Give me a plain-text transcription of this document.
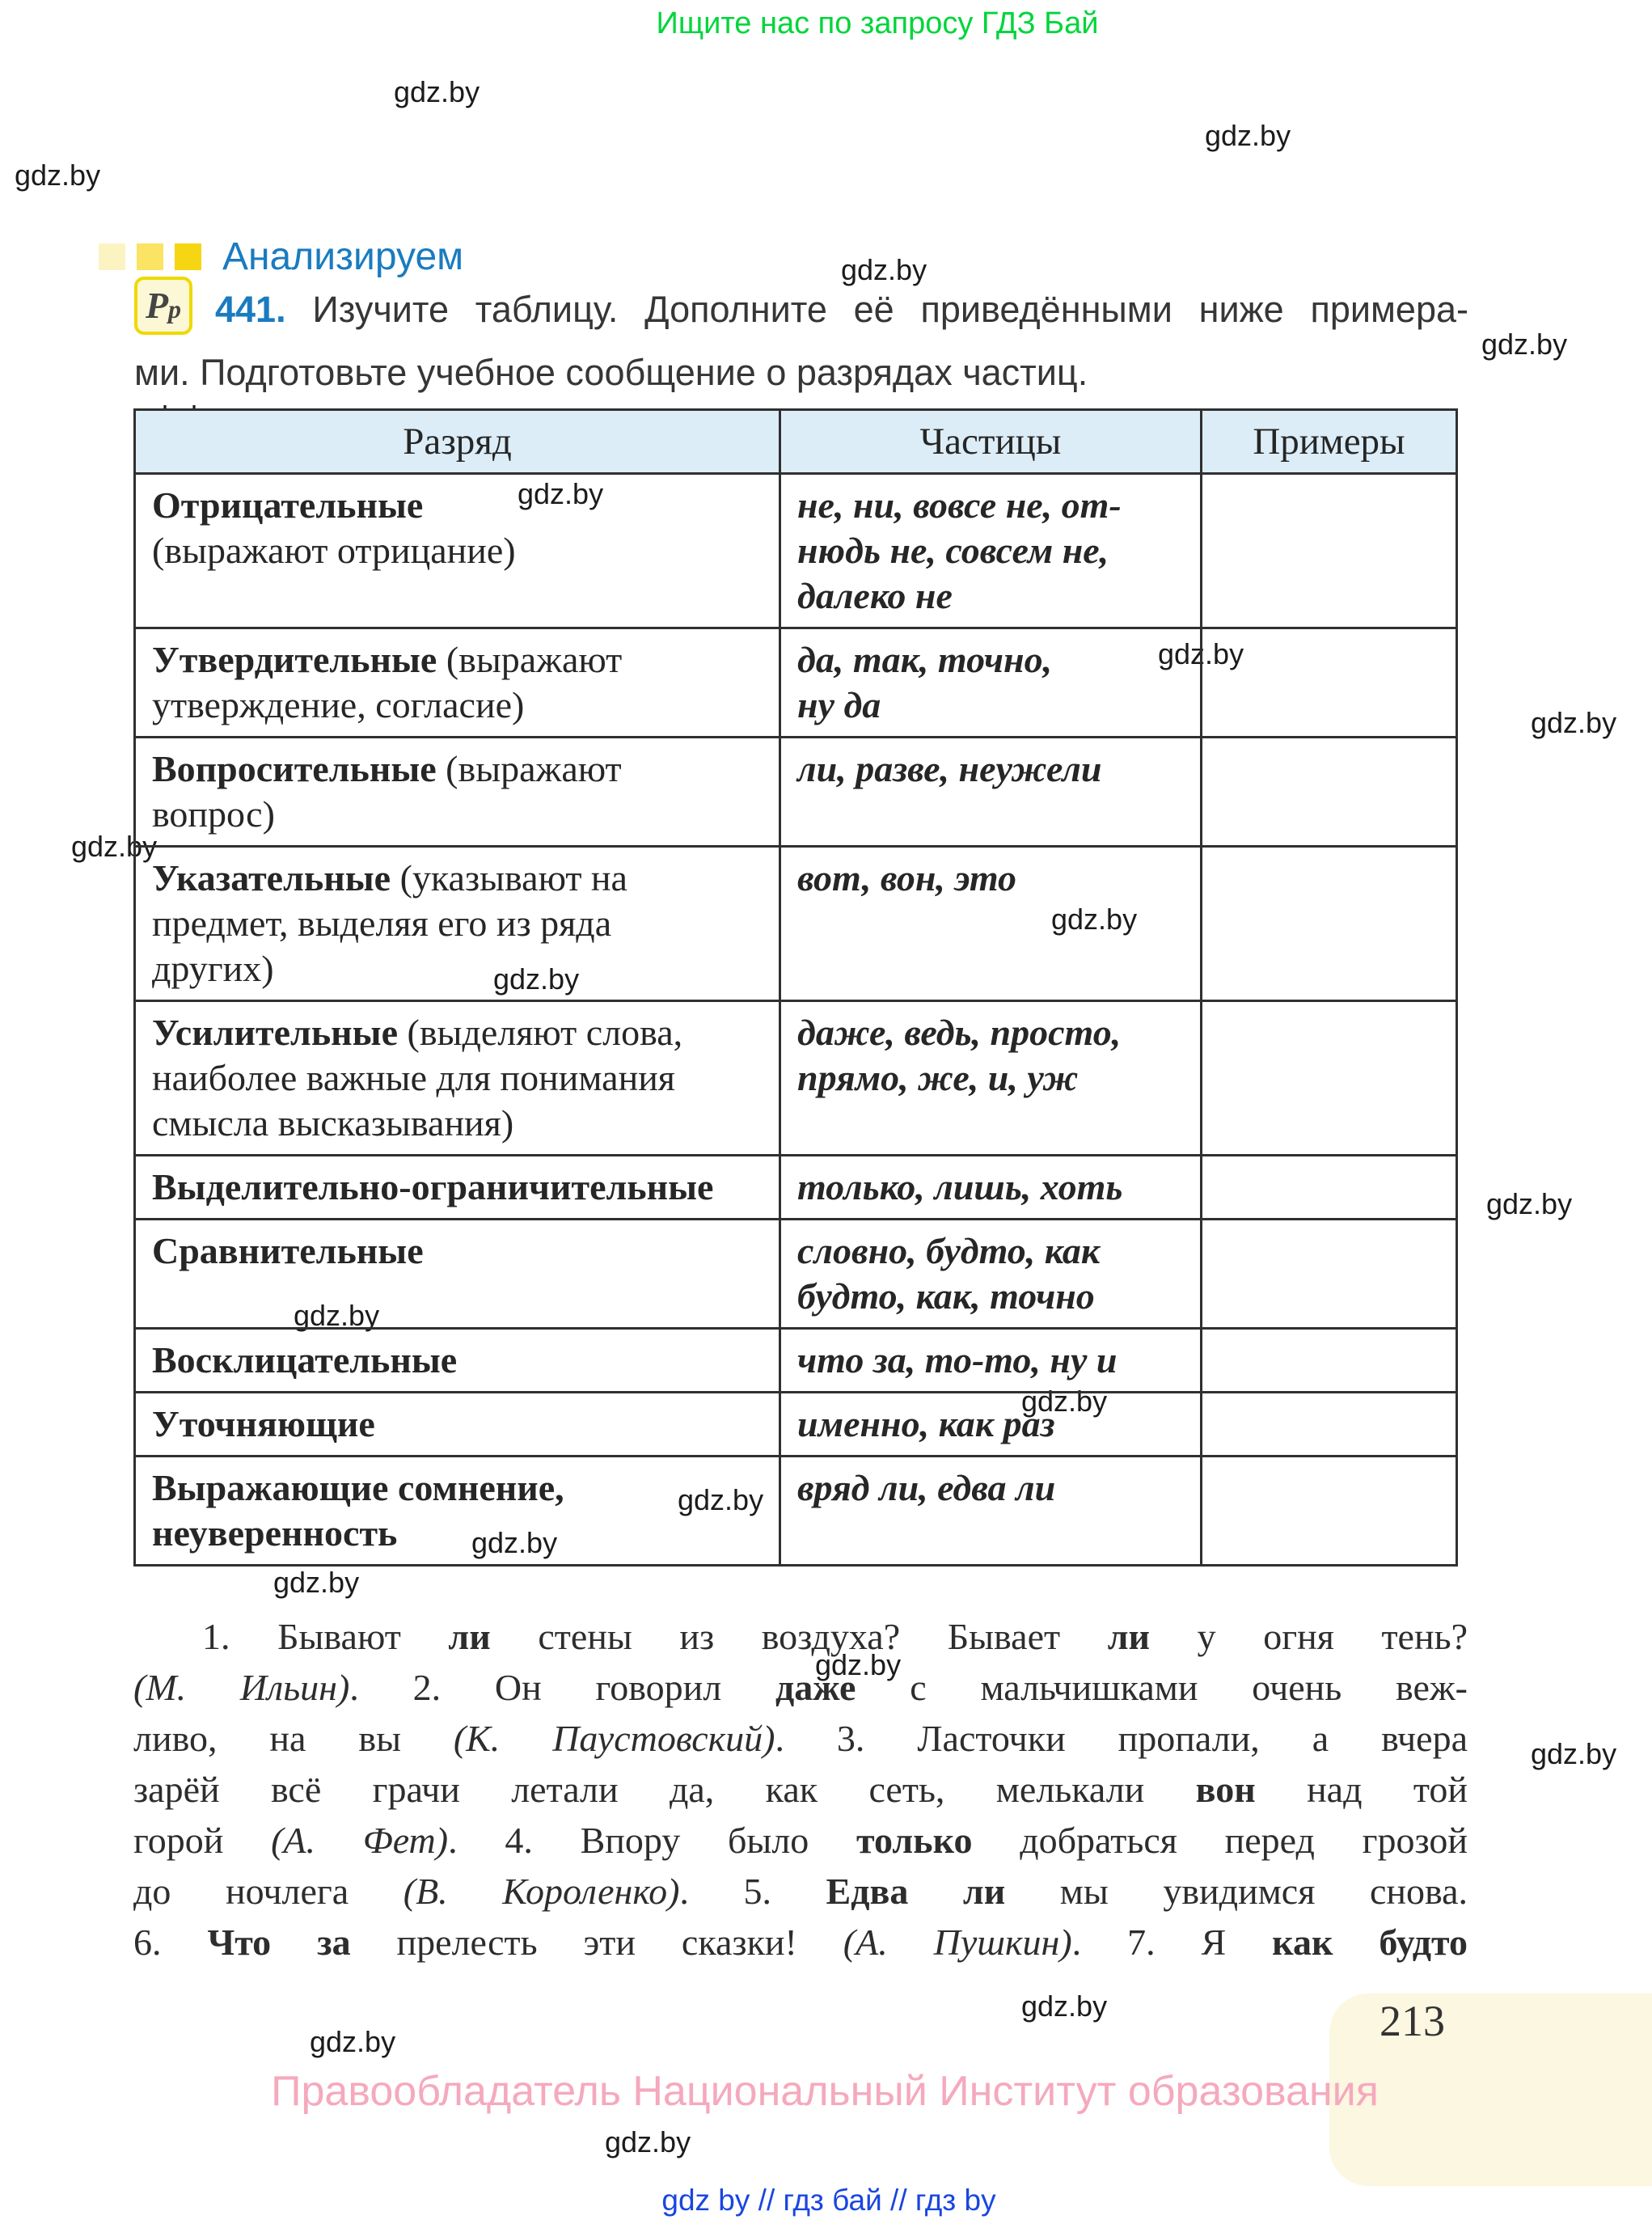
Ищите нас по запросу ГДЗ Бай
gdz.by
gdz.by
gdz.by
gdz.by
gdz.by
gdz.by
gdz.by
gdz.by
gdz.by
gdz.by
gdz.by
gdz.by
gdz.by
gdz.by
gdz.by
gdz.by
gdz.by
gdz.by
gdz.by
gdz.by
gdz.by
gdz.by
Анализируем
Pp 441. Изучите таблицу. Дополните её приведёнными ниже примера-
ми. Подготовьте учебное сообщение о разрядах частиц.
Разряд	Частицы	Примеры
Отрицательные
(выражают отрицание)	не, ни, вовсе не, от-
нюдь не, совсем не,
далеко не	
Утвердительные (выражают
утверждение, согласие)	да, так, точно,
ну да	
Вопросительные (выражают
вопрос)	ли, разве, неужели	
Указательные (указывают на
предмет, выделяя его из ряда
других)	вот, вон, это	
Усилительные (выделяют слова,
наиболее важные для понимания
смысла высказывания)	даже, ведь, просто,
прямо, же, и, уж	
Выделительно-ограничительные	только, лишь, хоть	
Сравнительные	словно, будто, как
будто, как, точно	
Восклицательные	что за, то-то, ну и	
Уточняющие	именно, как раз	
Выражающие сомнение,
неуверенность	вряд ли, едва ли	
1. Бывают ли стены из воздуха? Бывает ли у огня тень?
(М. Ильин). 2. Он говорил даже с мальчишками очень веж-
ливо, на вы (К. Паустовский). 3. Ласточки пропали, а вчера
зарёй всё грачи летали да, как сеть, мелькали вон над той
горой (А. Фет). 4. Впору было только добраться перед грозой
до ночлега (В. Короленко). 5. Едва ли мы увидимся снова.
6. Что за прелесть эти сказки! (А. Пушкин). 7. Я как будто
213
Правообладатель Национальный Институт образования
gdz by // гдз бай // гдз by
